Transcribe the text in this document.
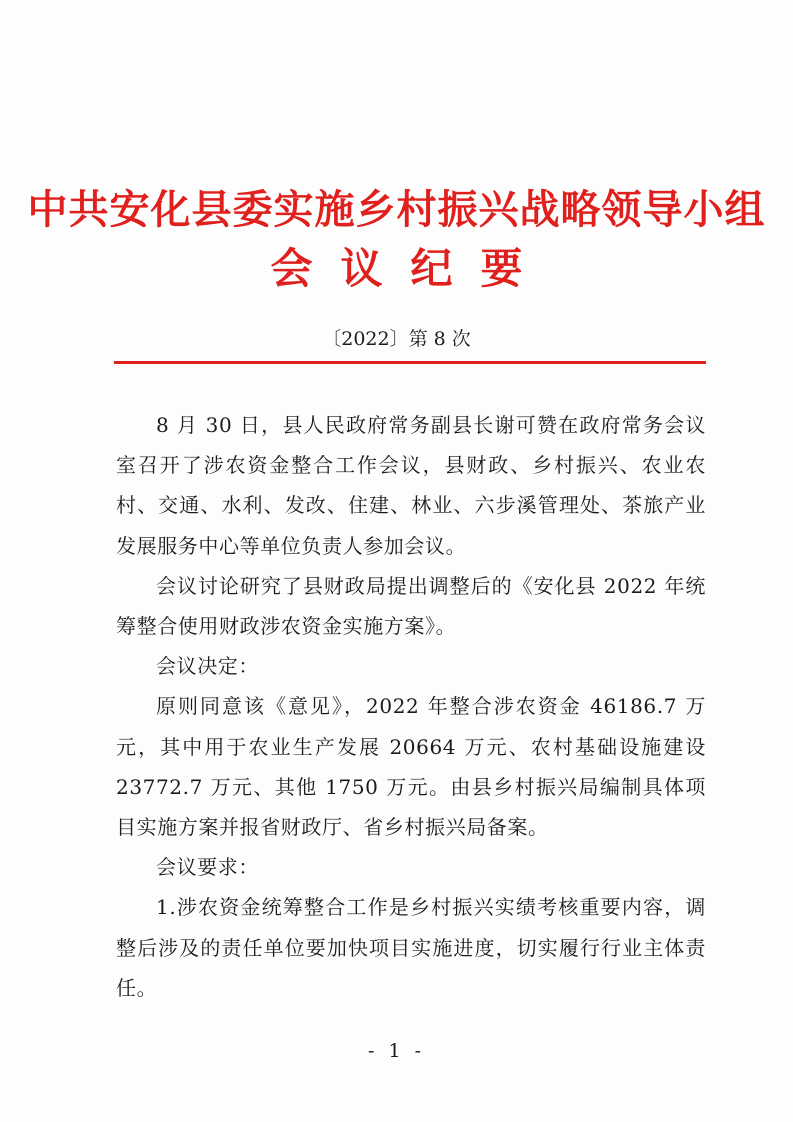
中共安化县委实施乡村振兴战略领导小组
会议纪要
〔2022〕第 8 次

8 月 30 日，县人民政府常务副县长谢可赞在政府常务会议室召开了涉农资金整合工作会议，县财政、乡村振兴、农业农村、交通、水利、发改、住建、林业、六步溪管理处、茶旅产业发展服务中心等单位负责人参加会议。

会议讨论研究了县财政局提出调整后的《安化县 2022 年统筹整合使用财政涉农资金实施方案》。

会议决定：

原则同意该《意见》，2022 年整合涉农资金 46186.7 万元，其中用于农业生产发展 20664 万元、农村基础设施建设 23772.7 万元、其他 1750 万元。由县乡村振兴局编制具体项目实施方案并报省财政厅、省乡村振兴局备案。

会议要求：

1.涉农资金统筹整合工作是乡村振兴实绩考核重要内容，调整后涉及的责任单位要加快项目实施进度，切实履行行业主体责任。

- 1 -
